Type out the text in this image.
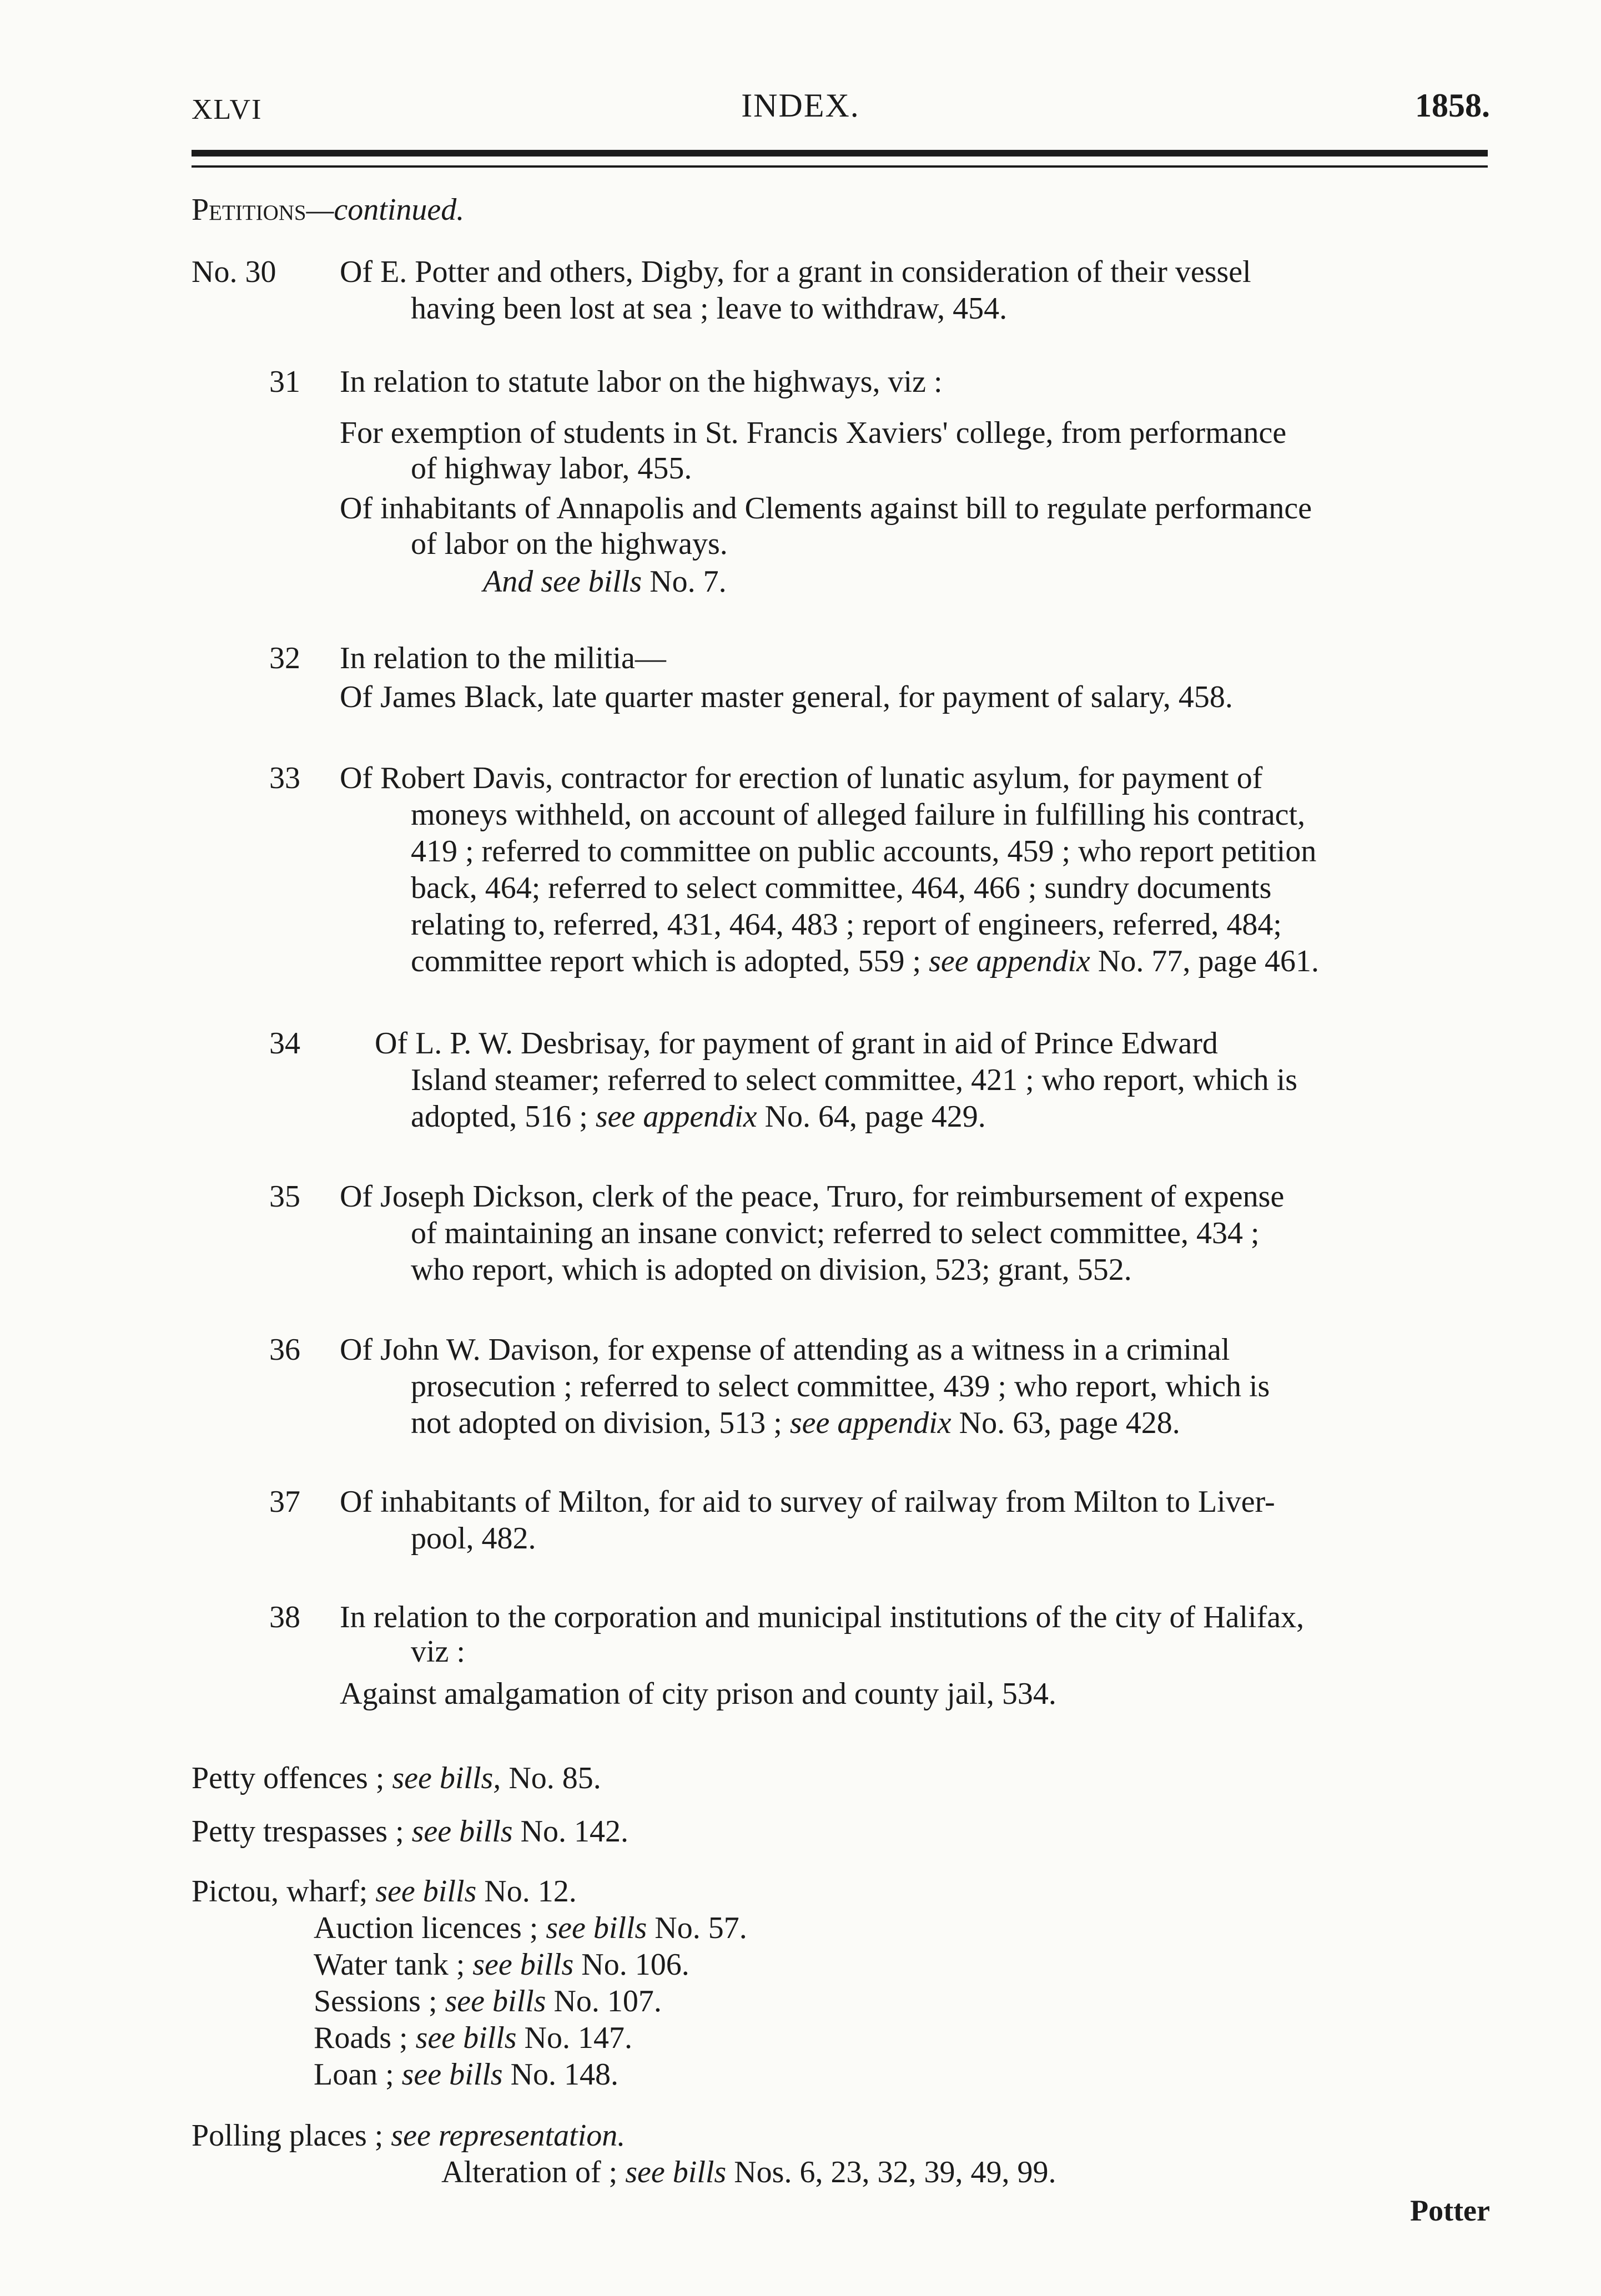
XLVI	INDEX.	1858.
Petitions—continued.
No. 30 Of E. Potter and others, Digby, for a grant in consideration of their vessel
having been lost at sea ; leave to withdraw, 454.
31 In relation to statute labor on the highways, viz :
For exemption of students in St. Francis Xaviers' college, from performance
of highway labor, 455.
Of inhabitants of Annapolis and Clements against bill to regulate performance
of labor on the highways.
And see bills No. 7.
32 In relation to the militia—
Of James Black, late quarter master general, for payment of salary, 458.
33 Of Robert Davis, contractor for erection of lunatic asylum, for payment of
moneys withheld, on account of alleged failure in fulfilling his contract,
419 ; referred to committee on public accounts, 459 ; who report petition
back, 464; referred to select committee, 464, 466 ; sundry documents
relating to, referred, 431, 464, 483 ; report of engineers, referred, 484;
committee report which is adopted, 559 ; see appendix No. 77, page 461.
34 Of L. P. W. Desbrisay, for payment of grant in aid of Prince Edward
Island steamer; referred to select committee, 421 ; who report, which is
adopted, 516 ; see appendix No. 64, page 429.
35 Of Joseph Dickson, clerk of the peace, Truro, for reimbursement of expense
of maintaining an insane convict; referred to select committee, 434 ;
who report, which is adopted on division, 523; grant, 552.
36 Of John W. Davison, for expense of attending as a witness in a criminal
prosecution ; referred to select committee, 439 ; who report, which is
not adopted on division, 513 ; see appendix No. 63, page 428.
37 Of inhabitants of Milton, for aid to survey of railway from Milton to Liver-
pool, 482.
38 In relation to the corporation and municipal institutions of the city of Halifax,
viz :
Against amalgamation of city prison and county jail, 534.
Petty offences ; see bills, No. 85.
Petty trespasses ; see bills No. 142.
Pictou, wharf; see bills No. 12.
Auction licences ; see bills No. 57.
Water tank ; see bills No. 106.
Sessions ; see bills No. 107.
Roads ; see bills No. 147.
Loan ; see bills No. 148.
Polling places ; see representation.
Alteration of ; see bills Nos. 6, 23, 32, 39, 49, 99.
Potter
